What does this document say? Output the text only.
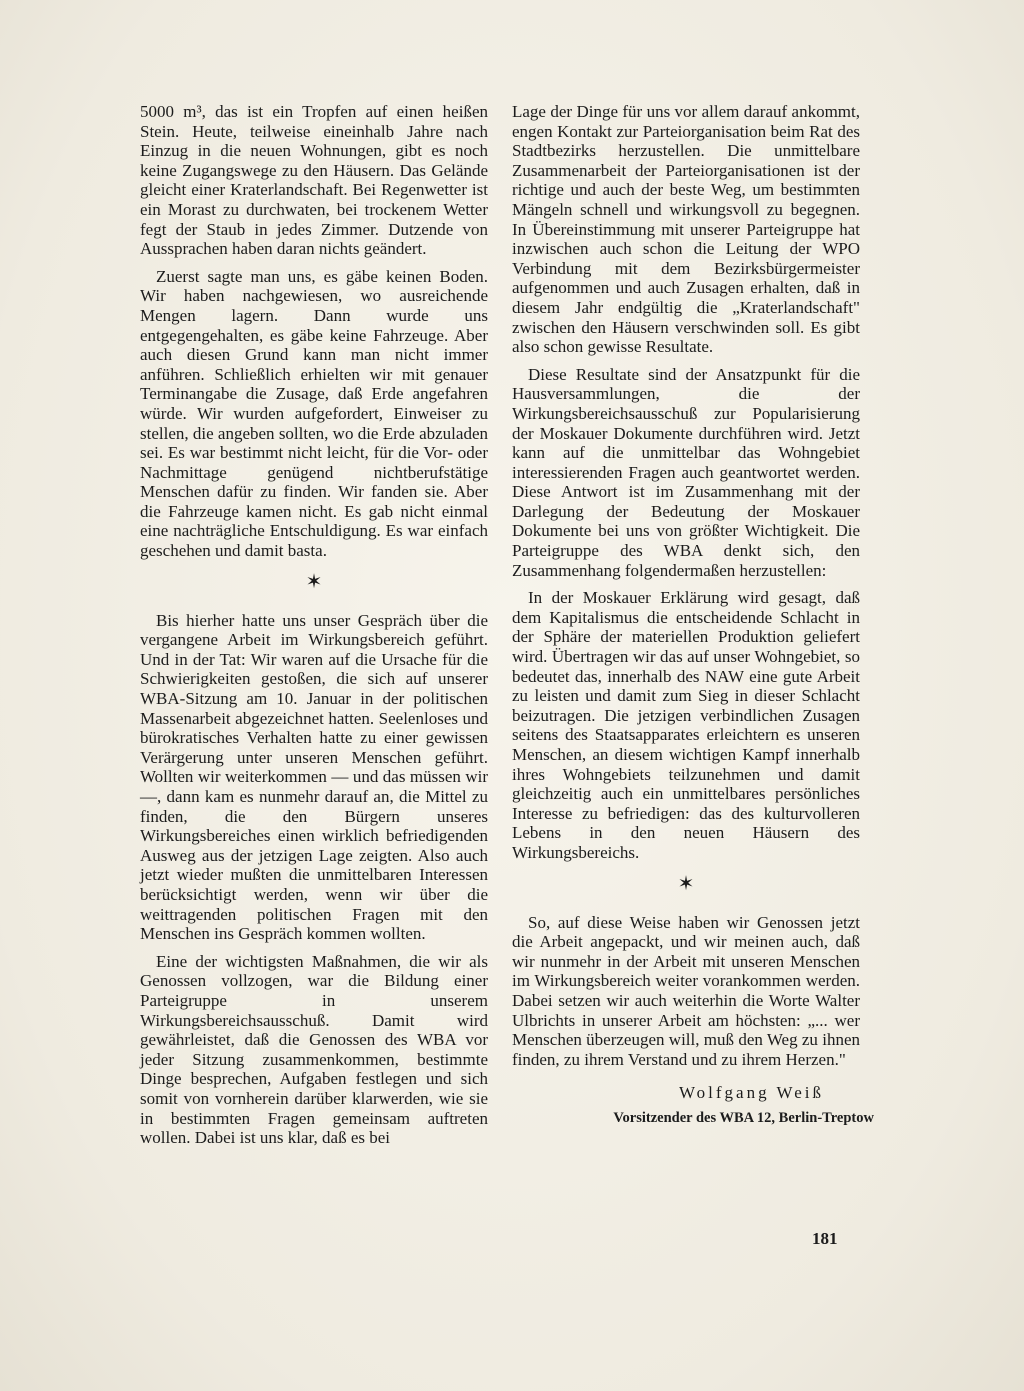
5000 m³, das ist ein Tropfen auf einen heißen Stein. Heute, teilweise eineinhalb Jahre nach Einzug in die neuen Wohnungen, gibt es noch keine Zugangswege zu den Häusern. Das Gelände gleicht einer Kraterlandschaft. Bei Regenwetter ist ein Morast zu durchwaten, bei trockenem Wetter fegt der Staub in jedes Zimmer. Dutzende von Aussprachen haben daran nichts geändert.

Zuerst sagte man uns, es gäbe keinen Boden. Wir haben nachgewiesen, wo ausreichende Mengen lagern. Dann wurde uns entgegengehalten, es gäbe keine Fahrzeuge. Aber auch diesen Grund kann man nicht immer anführen. Schließlich erhielten wir mit genauer Terminangabe die Zusage, daß Erde angefahren würde. Wir wurden aufgefordert, Einweiser zu stellen, die angeben sollten, wo die Erde abzuladen sei. Es war bestimmt nicht leicht, für die Vor- oder Nachmittage genügend nichtberufstätige Menschen dafür zu finden. Wir fanden sie. Aber die Fahrzeuge kamen nicht. Es gab nicht einmal eine nachträgliche Entschuldigung. Es war einfach geschehen und damit basta.

✶

Bis hierher hatte uns unser Gespräch über die vergangene Arbeit im Wirkungsbereich geführt. Und in der Tat: Wir waren auf die Ursache für die Schwierigkeiten gestoßen, die sich auf unserer WBA-Sitzung am 10. Januar in der politischen Massenarbeit abgezeichnet hatten. Seelenloses und bürokratisches Verhalten hatte zu einer gewissen Verärgerung unter unseren Menschen geführt. Wollten wir weiterkommen — und das müssen wir —, dann kam es nunmehr darauf an, die Mittel zu finden, die den Bürgern unseres Wirkungsbereiches einen wirklich befriedigenden Ausweg aus der jetzigen Lage zeigten. Also auch jetzt wieder mußten die unmittelbaren Interessen berücksichtigt werden, wenn wir über die weittragenden politischen Fragen mit den Menschen ins Gespräch kommen wollten.

Eine der wichtigsten Maßnahmen, die wir als Genossen vollzogen, war die Bildung einer Parteigruppe in unserem Wirkungsbereichsausschuß. Damit wird gewährleistet, daß die Genossen des WBA vor jeder Sitzung zusammenkommen, bestimmte Dinge besprechen, Aufgaben festlegen und sich somit von vornherein darüber klarwerden, wie sie in bestimmten Fragen gemeinsam auftreten wollen. Dabei ist uns klar, daß es bei

Lage der Dinge für uns vor allem darauf ankommt, engen Kontakt zur Parteiorganisation beim Rat des Stadtbezirks herzustellen. Die unmittelbare Zusammenarbeit der Parteiorganisationen ist der richtige und auch der beste Weg, um bestimmten Mängeln schnell und wirkungsvoll zu begegnen. In Übereinstimmung mit unserer Parteigruppe hat inzwischen auch schon die Leitung der WPO Verbindung mit dem Bezirksbürgermeister aufgenommen und auch Zusagen erhalten, daß in diesem Jahr endgültig die „Kraterlandschaft" zwischen den Häusern verschwinden soll. Es gibt also schon gewisse Resultate.

Diese Resultate sind der Ansatzpunkt für die Hausversammlungen, die der Wirkungsbereichsausschuß zur Popularisierung der Moskauer Dokumente durchführen wird. Jetzt kann auf die unmittelbar das Wohngebiet interessierenden Fragen auch geantwortet werden. Diese Antwort ist im Zusammenhang mit der Darlegung der Bedeutung der Moskauer Dokumente bei uns von größter Wichtigkeit. Die Parteigruppe des WBA denkt sich, den Zusammenhang folgendermaßen herzustellen:

In der Moskauer Erklärung wird gesagt, daß dem Kapitalismus die entscheidende Schlacht in der Sphäre der materiellen Produktion geliefert wird. Übertragen wir das auf unser Wohngebiet, so bedeutet das, innerhalb des NAW eine gute Arbeit zu leisten und damit zum Sieg in dieser Schlacht beizutragen. Die jetzigen verbindlichen Zusagen seitens des Staatsapparates erleichtern es unseren Menschen, an diesem wichtigen Kampf innerhalb ihres Wohngebiets teilzunehmen und damit gleichzeitig auch ein unmittelbares persönliches Interesse zu befriedigen: das des kulturvolleren Lebens in den neuen Häusern des Wirkungsbereichs.

✶

So, auf diese Weise haben wir Genossen jetzt die Arbeit angepackt, und wir meinen auch, daß wir nunmehr in der Arbeit mit unseren Menschen im Wirkungsbereich weiter vorankommen werden. Dabei setzen wir auch weiterhin die Worte Walter Ulbrichts in unserer Arbeit am höchsten: „... wer Menschen überzeugen will, muß den Weg zu ihnen finden, zu ihrem Verstand und zu ihrem Herzen."

Wolfgang Weiß
Vorsitzender des WBA 12, Berlin-Treptow
181
